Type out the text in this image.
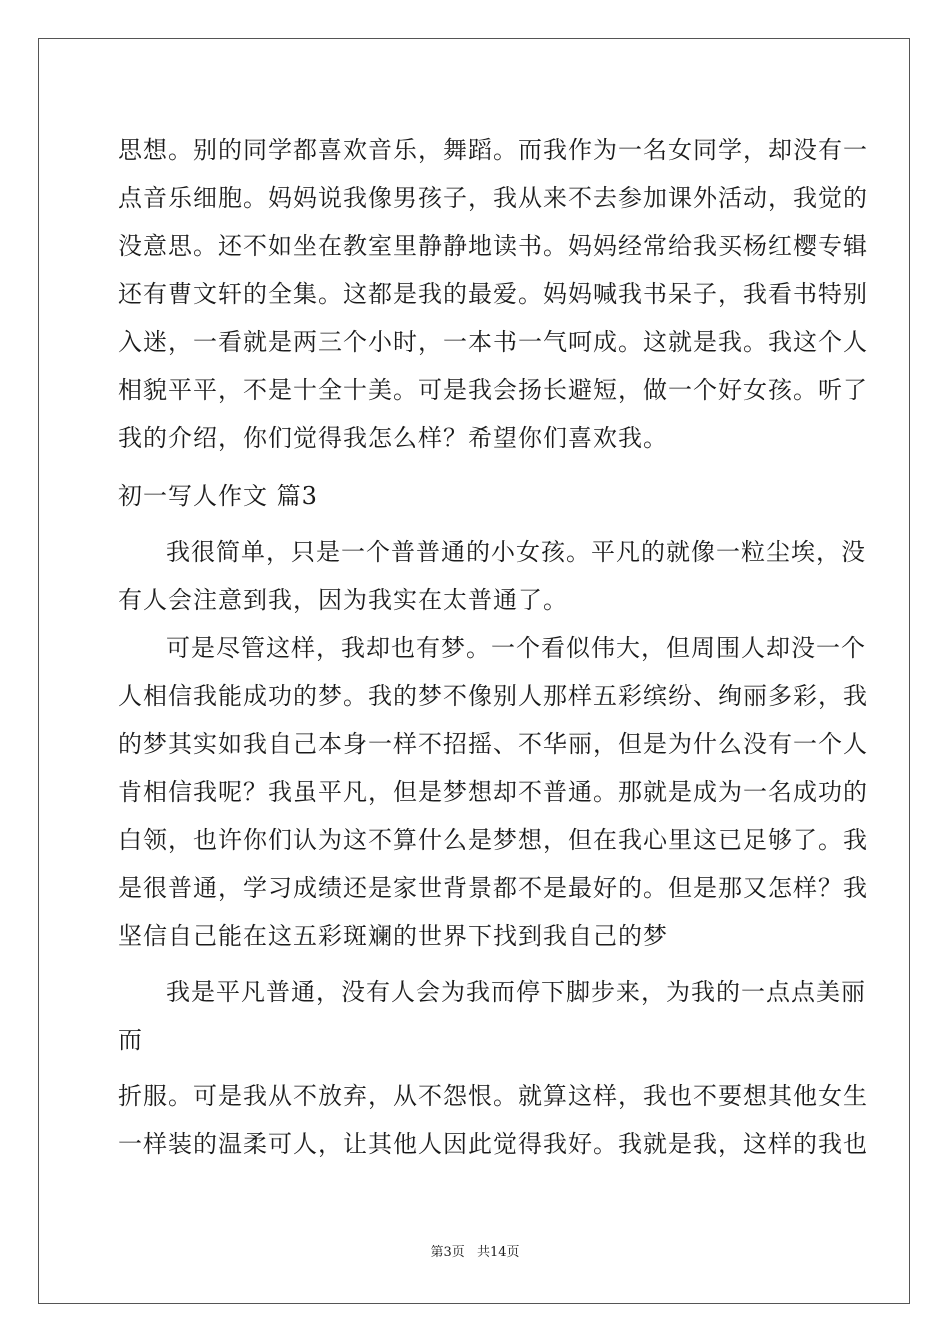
思想。别的同学都喜欢音乐，舞蹈。而我作为一名女同学，却没有一
点音乐细胞。妈妈说我像男孩子，我从来不去参加课外活动，我觉的
没意思。还不如坐在教室里静静地读书。妈妈经常给我买杨红樱专辑
还有曹文轩的全集。这都是我的最爱。妈妈喊我书呆子，我看书特别
入迷，一看就是两三个小时，一本书一气呵成。这就是我。我这个人
相貌平平，不是十全十美。可是我会扬长避短，做一个好女孩。听了
我的介绍，你们觉得我怎么样？希望你们喜欢我。
初一写人作文 篇3
我很简单，只是一个普普通的小女孩。平凡的就像一粒尘埃，没
有人会注意到我，因为我实在太普通了。
可是尽管这样，我却也有梦。一个看似伟大，但周围人却没一个
人相信我能成功的梦。我的梦不像别人那样五彩缤纷、绚丽多彩，我
的梦其实如我自己本身一样不招摇、不华丽，但是为什么没有一个人
肯相信我呢？我虽平凡，但是梦想却不普通。那就是成为一名成功的
白领，也许你们认为这不算什么是梦想，但在我心里这已足够了。我
是很普通，学习成绩还是家世背景都不是最好的。但是那又怎样？我
坚信自己能在这五彩斑斓的世界下找到我自己的梦
我是平凡普通，没有人会为我而停下脚步来，为我的一点点美丽
而
折服。可是我从不放弃，从不怨恨。就算这样，我也不要想其他女生
一样装的温柔可人，让其他人因此觉得我好。我就是我，这样的我也
第3页 共14页
